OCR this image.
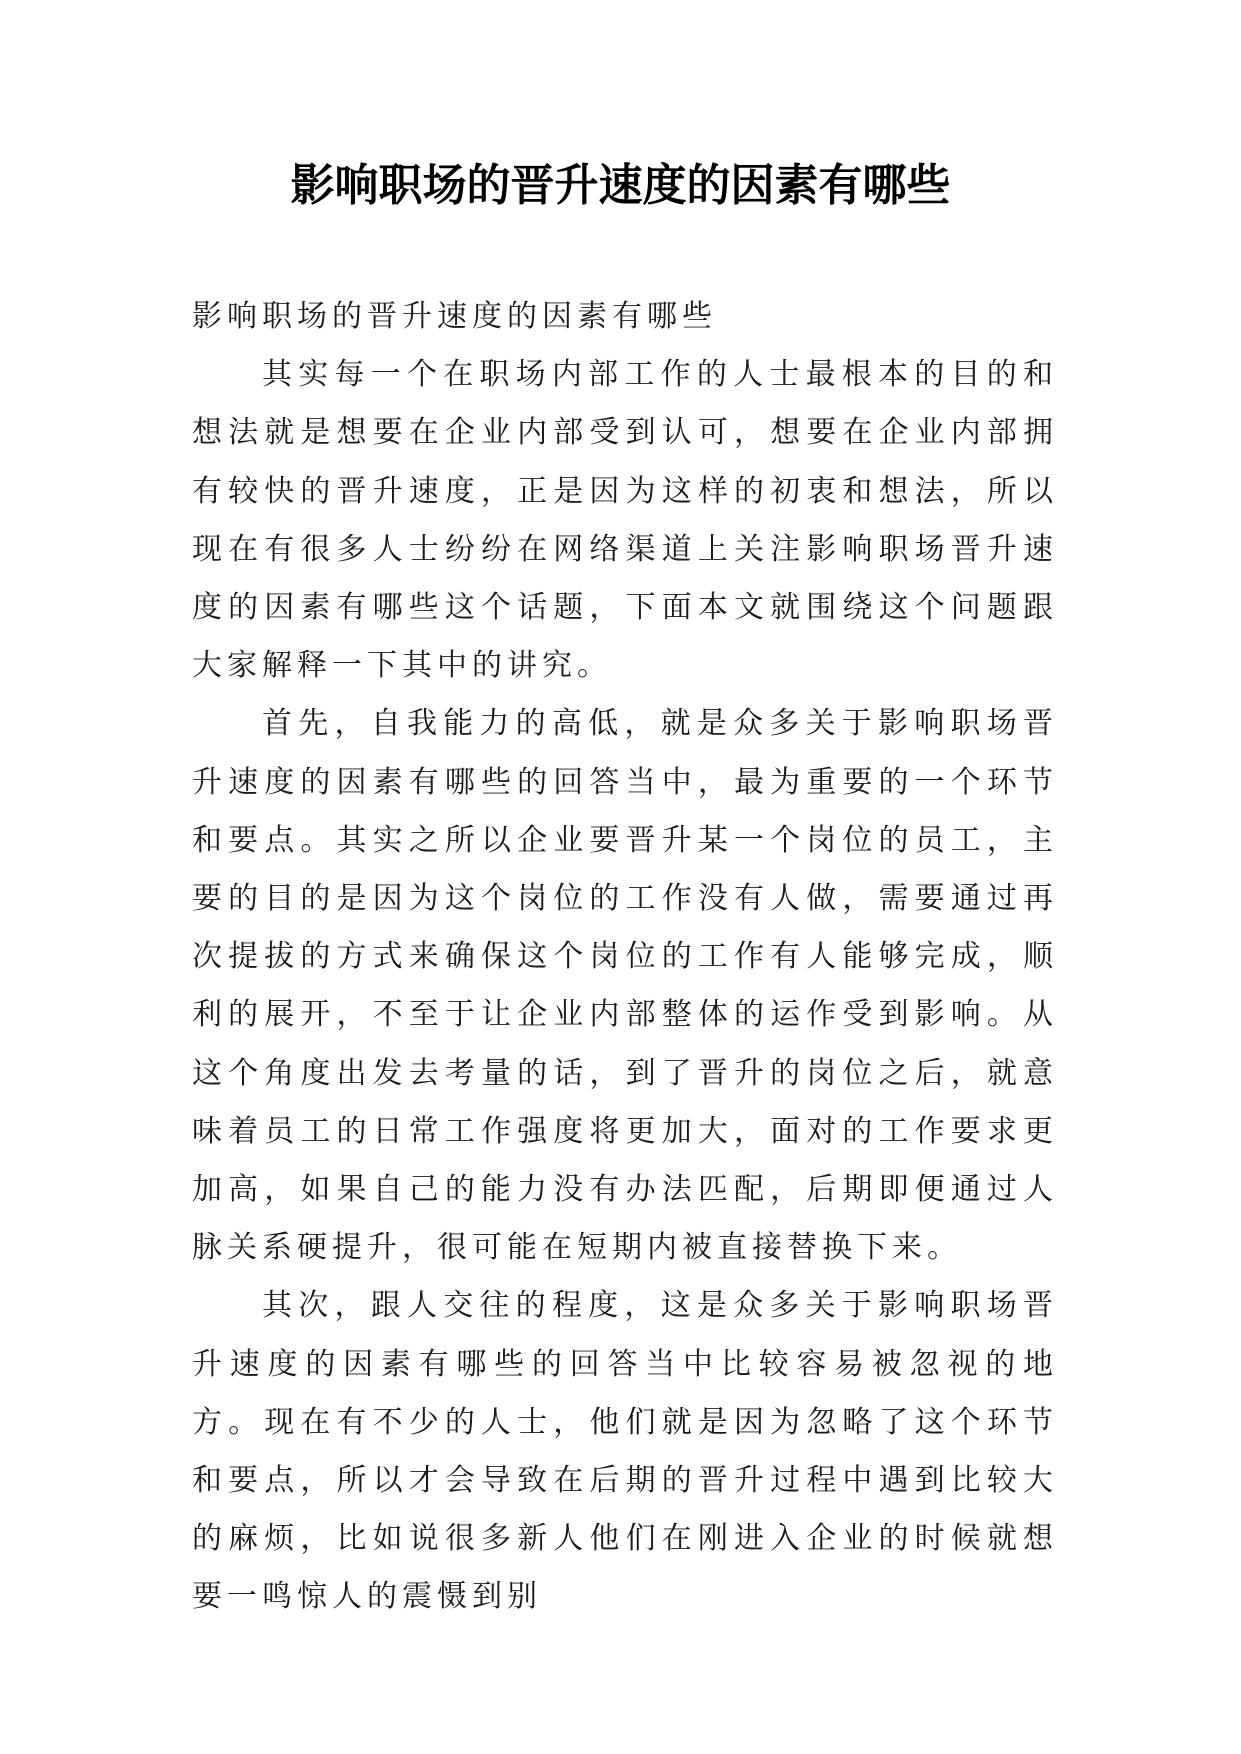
影响职场的晋升速度的因素有哪些

影响职场的晋升速度的因素有哪些

其实每一个在职场内部工作的人士最根本的目的和想法就是想要在企业内部受到认可，想要在企业内部拥有较快的晋升速度，正是因为这样的初衷和想法，所以现在有很多人士纷纷在网络渠道上关注影响职场晋升速度的因素有哪些这个话题，下面本文就围绕这个问题跟大家解释一下其中的讲究。

首先，自我能力的高低，就是众多关于影响职场晋升速度的因素有哪些的回答当中，最为重要的一个环节和要点。其实之所以企业要晋升某一个岗位的员工，主要的目的是因为这个岗位的工作没有人做，需要通过再次提拔的方式来确保这个岗位的工作有人能够完成，顺利的展开，不至于让企业内部整体的运作受到影响。从这个角度出发去考量的话，到了晋升的岗位之后，就意味着员工的日常工作强度将更加大，面对的工作要求更加高，如果自己的能力没有办法匹配，后期即便通过人脉关系硬提升，很可能在短期内被直接替换下来。

其次，跟人交往的程度，这是众多关于影响职场晋升速度的因素有哪些的回答当中比较容易被忽视的地方。现在有不少的人士，他们就是因为忽略了这个环节和要点，所以才会导致在后期的晋升过程中遇到比较大的麻烦，比如说很多新人他们在刚进入企业的时候就想要一鸣惊人的震慑到别
